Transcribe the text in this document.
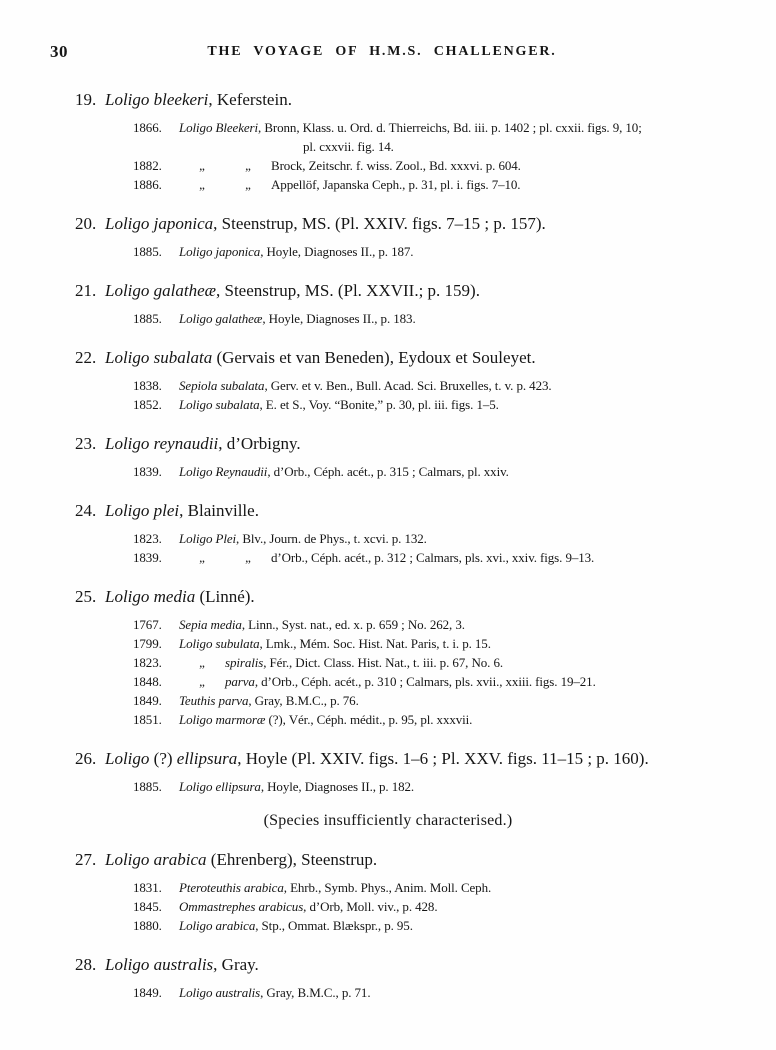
30	THE VOYAGE OF H.M.S. CHALLENGER.
19. Loligo bleekeri, Keferstein.
1866. Loligo Bleekeri, Bronn, Klass. u. Ord. d. Thierreichs, Bd. iii. p. 1402 ; pl. cxxii. figs. 9, 10;
pl. cxxvii. fig. 14.
1882.	„	„ Brock, Zeitschr. f. wiss. Zool., Bd. xxxvi. p. 604.
1886.	„	„ Appellöf, Japanska Ceph., p. 31, pl. i. figs. 7–10.
20. Loligo japonica, Steenstrup, MS. (Pl. XXIV. figs. 7–15 ; p. 157).
1885. Loligo japonica, Hoyle, Diagnoses II., p. 187.
21. Loligo galatheæ, Steenstrup, MS. (Pl. XXVII.; p. 159).
1885. Loligo galatheæ, Hoyle, Diagnoses II., p. 183.
22. Loligo subalata (Gervais et van Beneden), Eydoux et Souleyet.
1838. Sepiola subalata, Gerv. et v. Ben., Bull. Acad. Sci. Bruxelles, t. v. p. 423.
1852. Loligo subalata, E. et S., Voy. “Bonite,” p. 30, pl. iii. figs. 1–5.
23. Loligo reynaudii, d’Orbigny.
1839. Loligo Reynaudii, d’Orb., Céph. acét., p. 315 ; Calmars, pl. xxiv.
24. Loligo plei, Blainville.
1823. Loligo Plei, Blv., Journ. de Phys., t. xcvi. p. 132.
1839.	„	„ d’Orb., Céph. acét., p. 312 ; Calmars, pls. xvi., xxiv. figs. 9–13.
25. Loligo media (Linné).
1767. Sepia media, Linn., Syst. nat., ed. x. p. 659 ; No. 262, 3.
1799. Loligo subulata, Lmk., Mém. Soc. Hist. Nat. Paris, t. i. p. 15.
1823.	„ spiralis, Fér., Dict. Class. Hist. Nat., t. iii. p. 67, No. 6.
1848.	„ parva, d’Orb., Céph. acét., p. 310 ; Calmars, pls. xvii., xxiii. figs. 19–21.
1849. Teuthis parva, Gray, B.M.C., p. 76.
1851. Loligo marmoræ (?), Vér., Céph. médit., p. 95, pl. xxxvii.
26. Loligo (?) ellipsura, Hoyle (Pl. XXIV. figs. 1–6 ; Pl. XXV. figs. 11–15 ; p. 160).
1885. Loligo ellipsura, Hoyle, Diagnoses II., p. 182.
(Species insufficiently characterised.)
27. Loligo arabica (Ehrenberg), Steenstrup.
1831. Pteroteuthis arabica, Ehrb., Symb. Phys., Anim. Moll. Ceph.
1845. Ommastrephes arabicus, d’Orb, Moll. viv., p. 428.
1880. Loligo arabica, Stp., Ommat. Blækspr., p. 95.
28. Loligo australis, Gray.
1849. Loligo australis, Gray, B.M.C., p. 71.
